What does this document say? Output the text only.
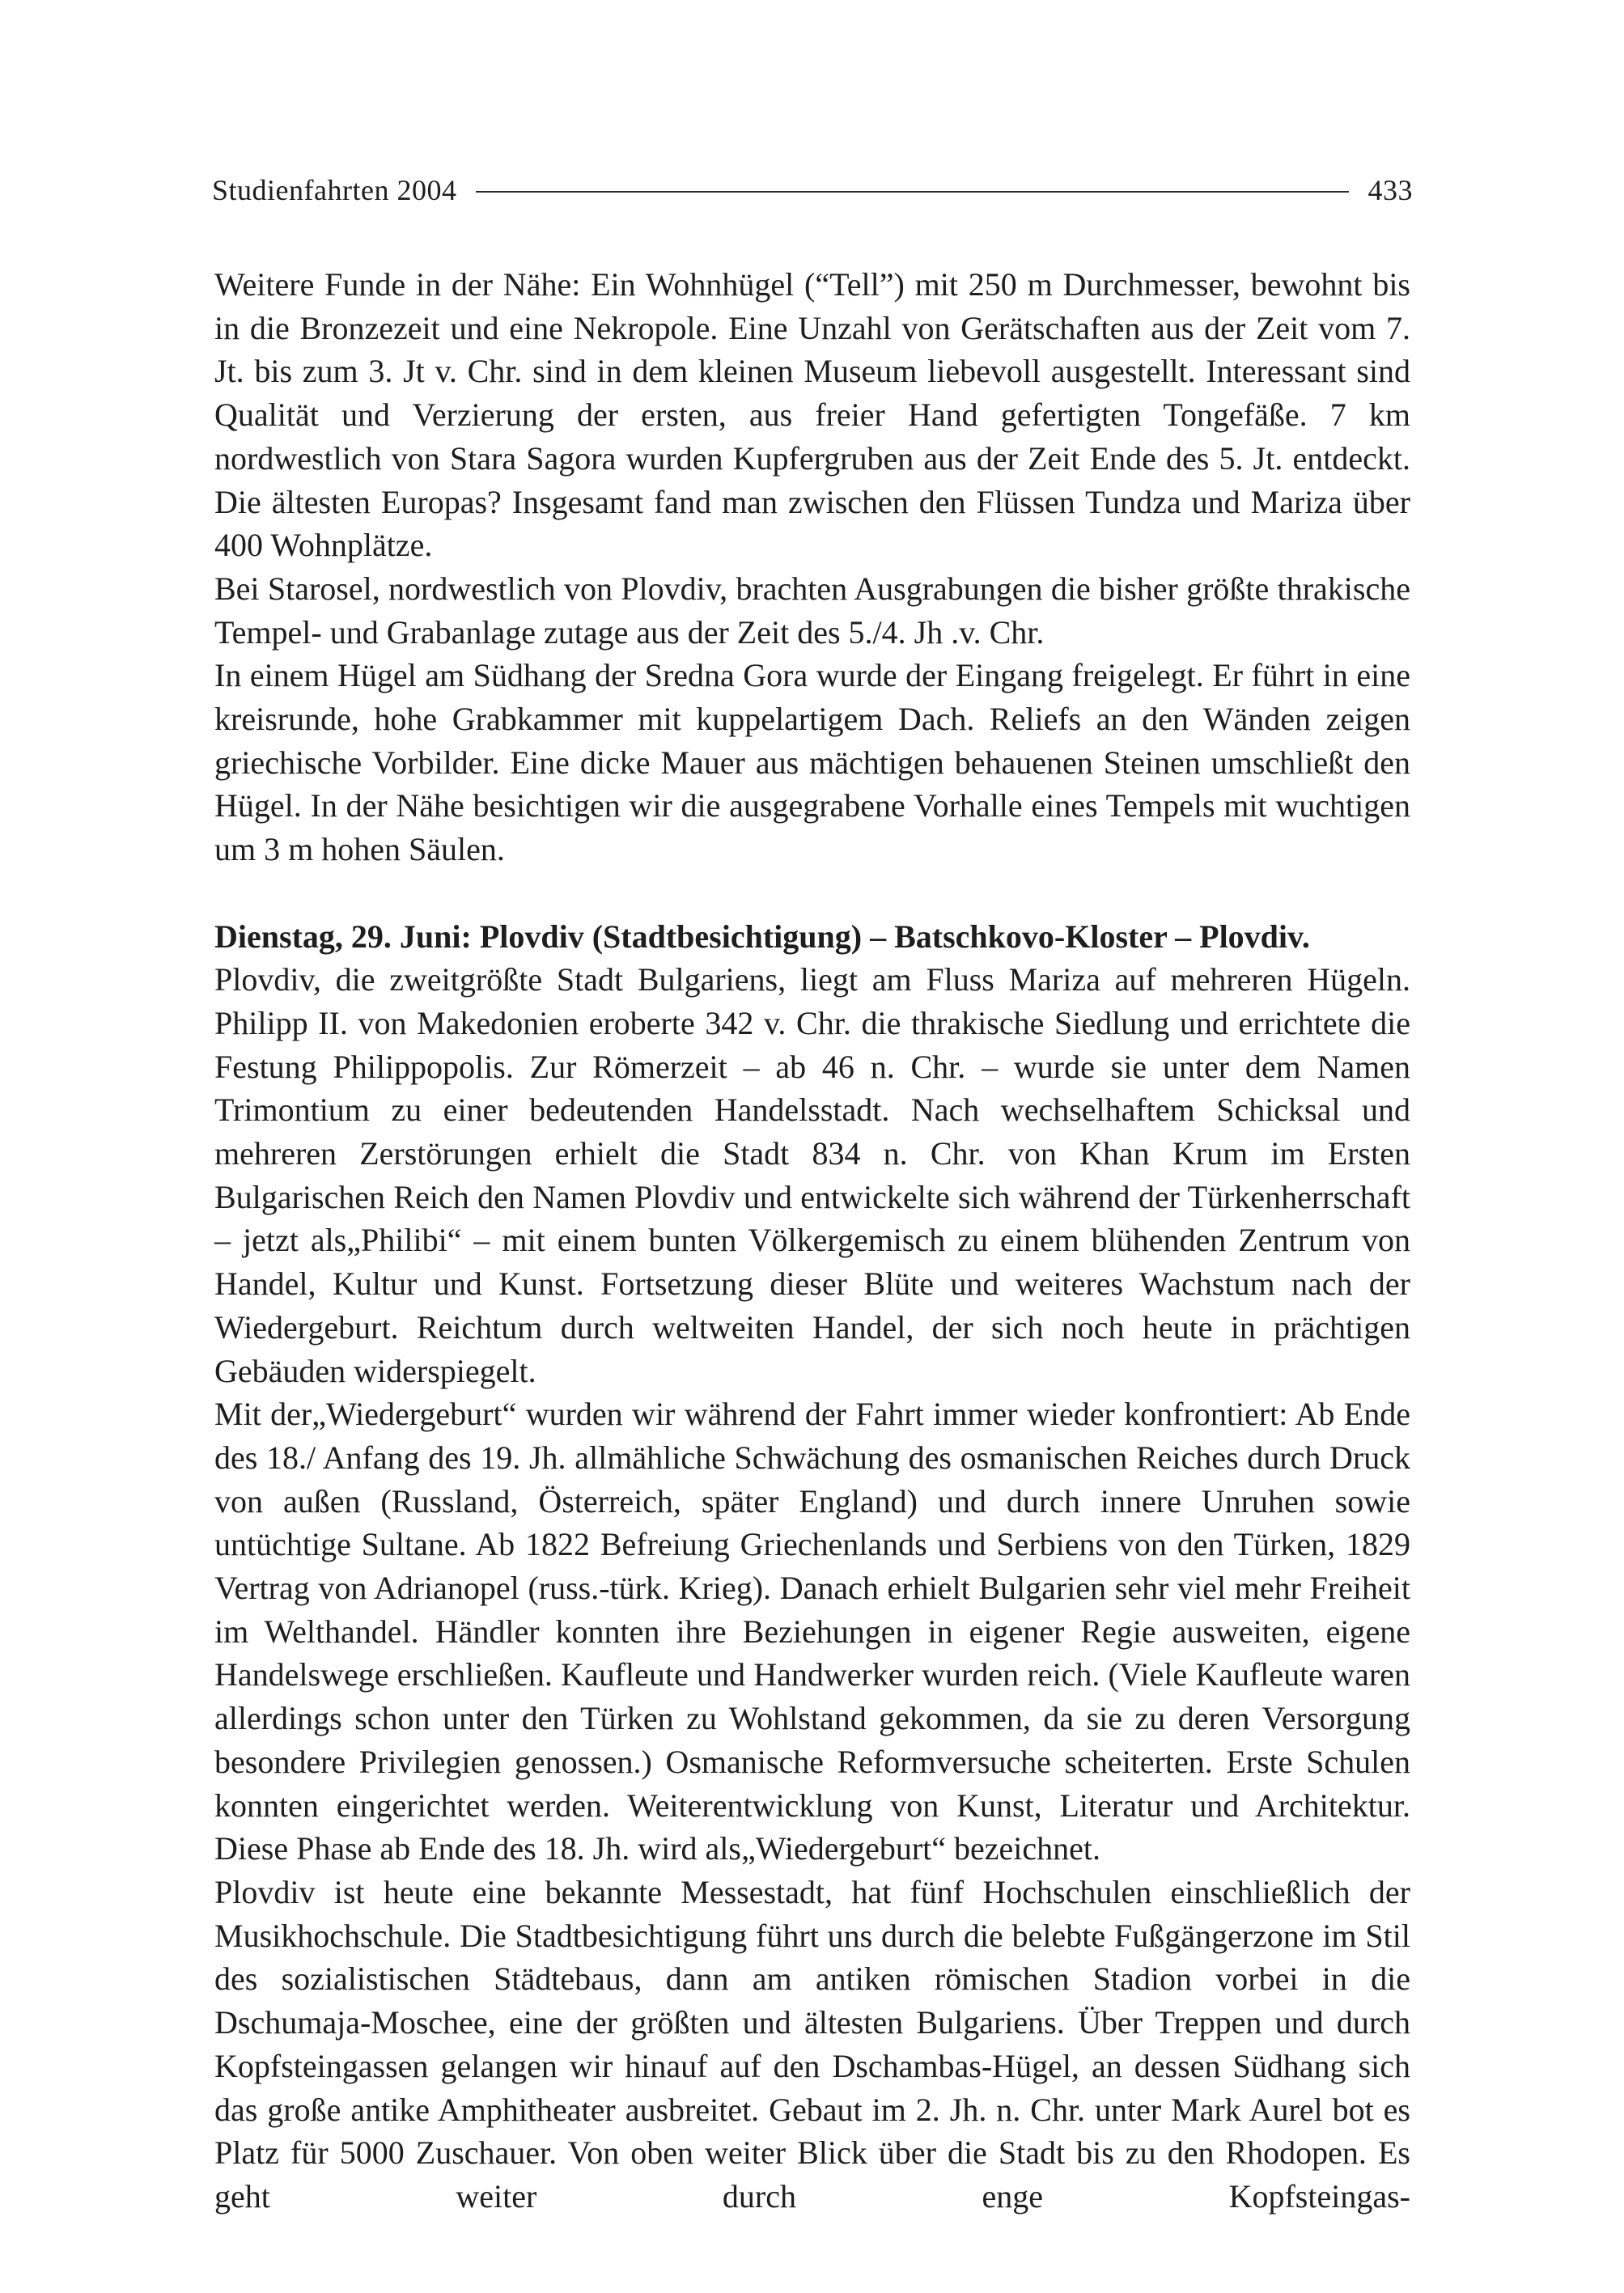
Studienfahrten 2004	433

Weitere Funde in der Nähe: Ein Wohnhügel (“Tell”) mit 250 m Durchmesser, bewohnt bis in die Bronzezeit und eine Nekropole. Eine Unzahl von Gerätschaften aus der Zeit vom 7. Jt. bis zum 3. Jt v. Chr. sind in dem kleinen Museum liebevoll ausgestellt. Interessant sind Qualität und Verzierung der ersten, aus freier Hand gefertigten Tongefäße. 7 km nordwestlich von Stara Sagora wurden Kupfergruben aus der Zeit Ende des 5. Jt. entdeckt. Die ältesten Europas? Insgesamt fand man zwischen den Flüssen Tundza und Mariza über 400 Wohnplätze.

Bei Starosel, nordwestlich von Plovdiv, brachten Ausgrabungen die bisher größte thrakische Tempel- und Grabanlage zutage aus der Zeit des 5./4. Jh .v. Chr.

In einem Hügel am Südhang der Sredna Gora wurde der Eingang freigelegt. Er führt in eine kreisrunde, hohe Grabkammer mit kuppelartigem Dach. Reliefs an den Wänden zeigen griechische Vorbilder. Eine dicke Mauer aus mächtigen behauenen Steinen umschließt den Hügel. In der Nähe besichtigen wir die ausgegrabene Vorhalle eines Tempels mit wuchtigen um 3 m hohen Säulen.

Dienstag, 29. Juni: Plovdiv (Stadtbesichtigung) – Batschkovo-Kloster – Plovdiv.

Plovdiv, die zweitgrößte Stadt Bulgariens, liegt am Fluss Mariza auf mehreren Hügeln. Philipp II. von Makedonien eroberte 342 v. Chr. die thrakische Siedlung und errichtete die Festung Philippopolis. Zur Römerzeit – ab 46 n. Chr. – wurde sie unter dem Namen Trimontium zu einer bedeutenden Handelsstadt. Nach wechselhaftem Schicksal und mehreren Zerstörungen erhielt die Stadt 834 n. Chr. von Khan Krum im Ersten Bulgarischen Reich den Namen Plovdiv und entwickelte sich während der Türkenherrschaft – jetzt als„Philibi“ – mit einem bunten Völkergemisch zu einem blühenden Zentrum von Handel, Kultur und Kunst. Fortsetzung dieser Blüte und weiteres Wachstum nach der Wiedergeburt. Reichtum durch weltweiten Handel, der sich noch heute in prächtigen Gebäuden widerspiegelt.

Mit der„Wiedergeburt“ wurden wir während der Fahrt immer wieder konfrontiert: Ab Ende des 18./ Anfang des 19. Jh. allmähliche Schwächung des osmanischen Reiches durch Druck von außen (Russland, Österreich, später England) und durch innere Unruhen sowie untüchtige Sultane. Ab 1822 Befreiung Griechenlands und Serbiens von den Türken, 1829 Vertrag von Adrianopel (russ.-türk. Krieg). Danach erhielt Bulgarien sehr viel mehr Freiheit im Welthandel. Händler konnten ihre Beziehungen in eigener Regie ausweiten, eigene Handelswege erschließen. Kaufleute und Handwerker wurden reich. (Viele Kaufleute waren allerdings schon unter den Türken zu Wohlstand gekommen, da sie zu deren Versorgung besondere Privilegien genossen.) Osmanische Reformversuche scheiterten. Erste Schulen konnten eingerichtet werden. Weiterentwicklung von Kunst, Literatur und Architektur. Diese Phase ab Ende des 18. Jh. wird als„Wiedergeburt“ bezeichnet.

Plovdiv ist heute eine bekannte Messestadt, hat fünf Hochschulen einschließlich der Musikhochschule. Die Stadtbesichtigung führt uns durch die belebte Fußgängerzone im Stil des sozialistischen Städtebaus, dann am antiken römischen Stadion vorbei in die Dschumaja-Moschee, eine der größten und ältesten Bulgariens. Über Treppen und durch Kopfsteingassen gelangen wir hinauf auf den Dschambas-Hügel, an dessen Südhang sich das große antike Amphitheater ausbreitet. Gebaut im 2. Jh. n. Chr. unter Mark Aurel bot es Platz für 5000 Zuschauer. Von oben weiter Blick über die Stadt bis zu den Rhodopen. Es geht weiter durch enge Kopfsteingas-
